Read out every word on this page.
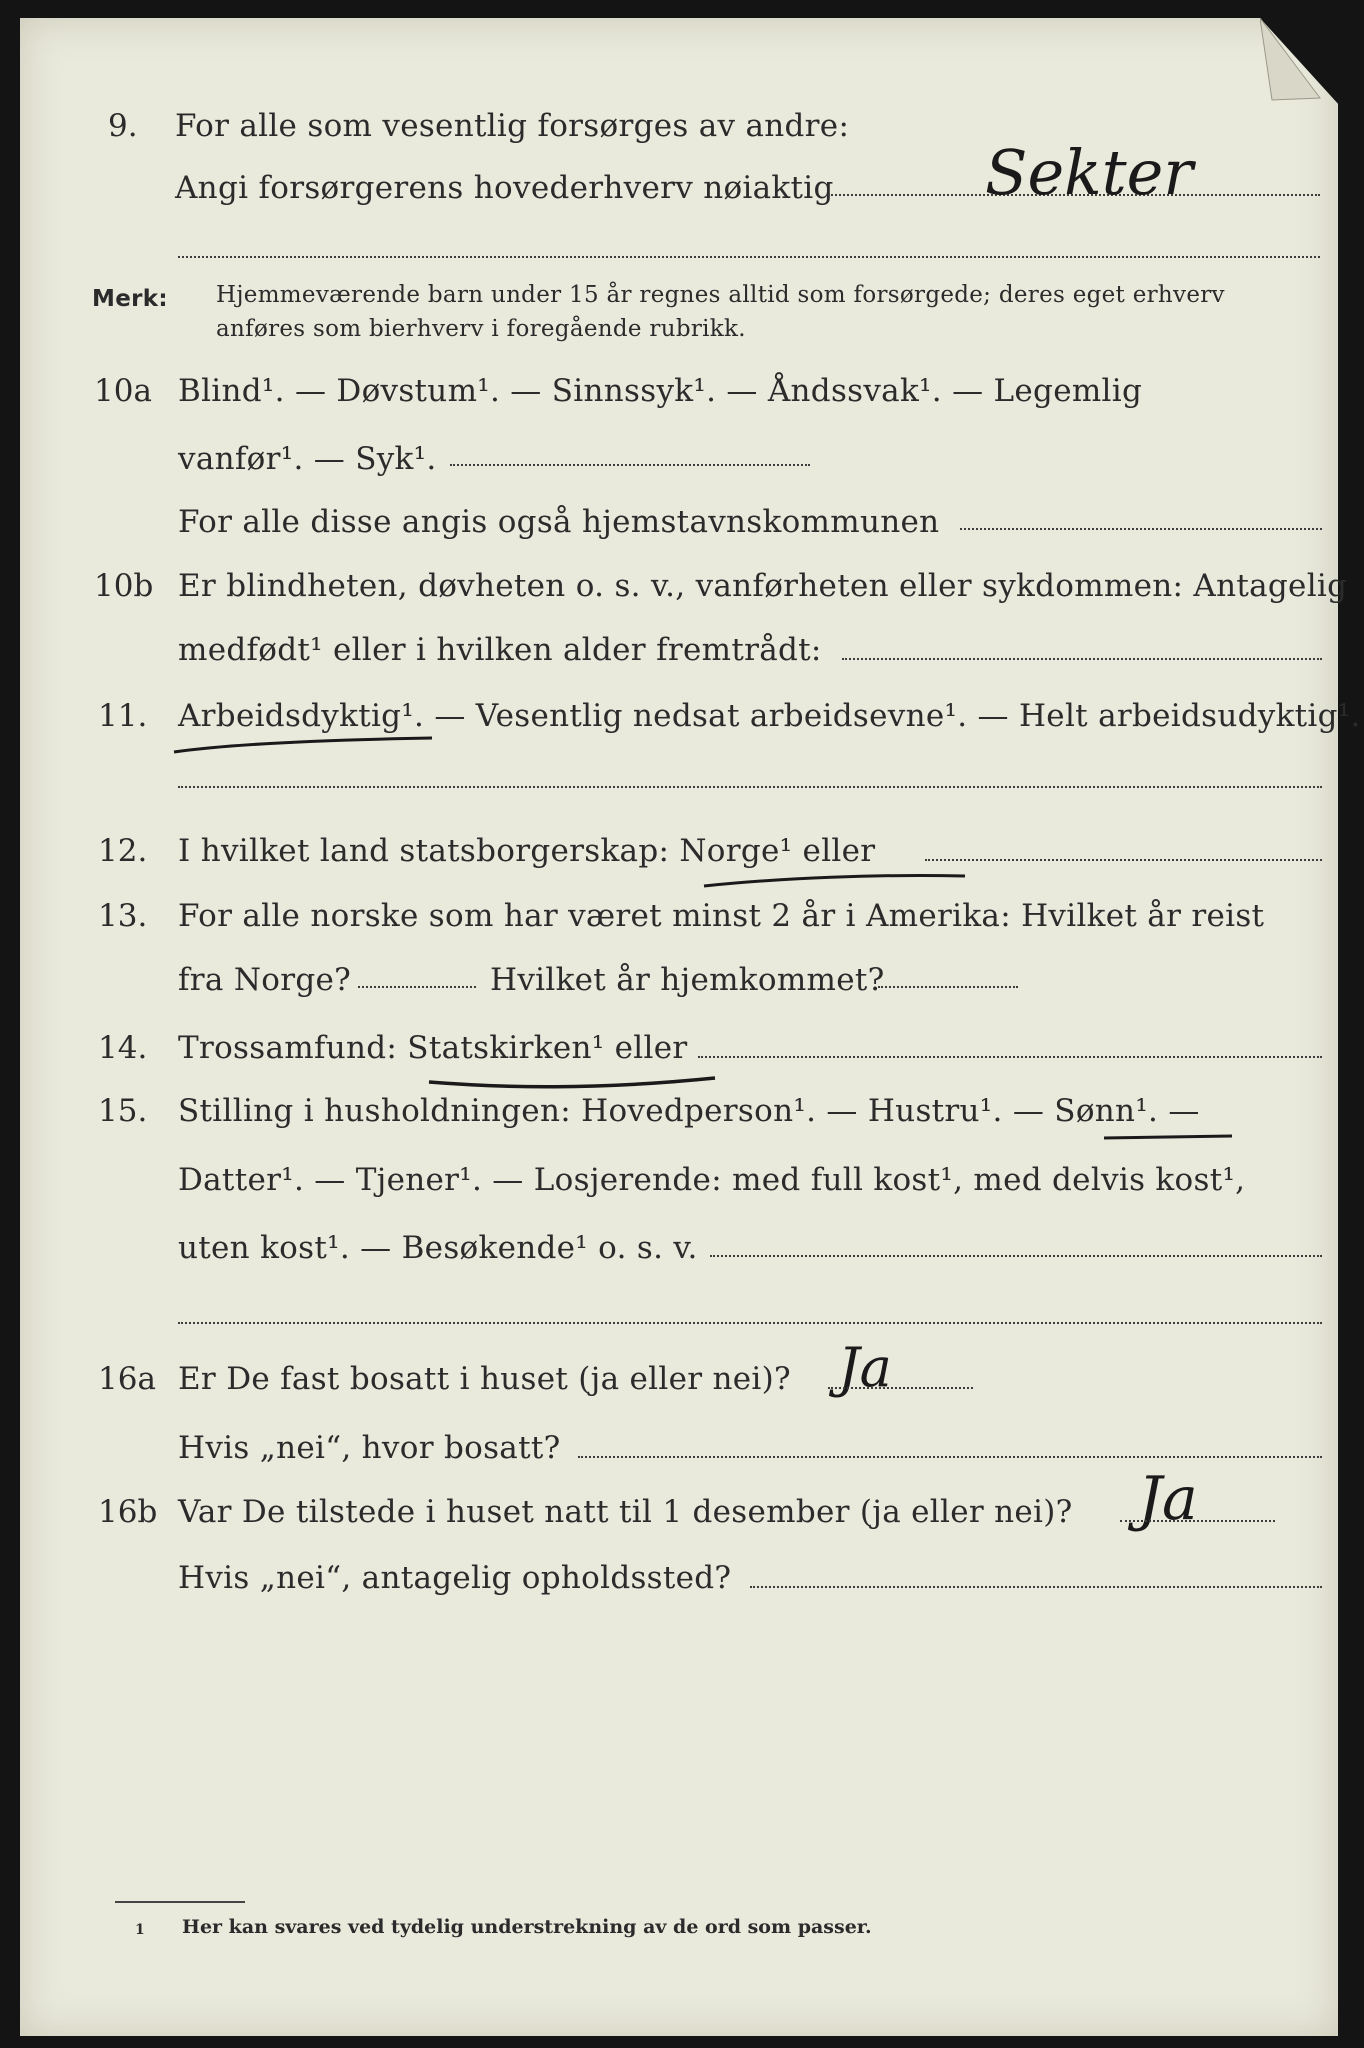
9. For alle som vesentlig forsørges av andre:
Angi forsørgerens hovederhverv nøiaktig Sekter
Merk: Hjemmeværende barn under 15 år regnes alltid som forsørgede; deres eget erhverv
anføres som bierhverv i foregående rubrikk.
10a Blind¹. — Døvstum¹. — Sinnssyk¹. — Åndssvak¹. — Legemlig
vanfør¹. — Syk¹.
For alle disse angis også hjemstavnskommunen
10b Er blindheten, døvheten o. s. v., vanførheten eller sykdommen: Antagelig
medfødt¹ eller i hvilken alder fremtrådt:
11. Arbeidsdyktig¹. — Vesentlig nedsat arbeidsevne¹. — Helt arbeidsudyktig¹.
12. I hvilket land statsborgerskap: Norge¹ eller
13. For alle norske som har været minst 2 år i Amerika: Hvilket år reist
fra Norge?	Hvilket år hjemkommet?
14. Trossamfund: Statskirken¹ eller
15. Stilling i husholdningen: Hovedperson¹. — Hustru¹. — Sønn¹. —
Datter¹. — Tjener¹. — Losjerende: med full kost¹, med delvis kost¹,
uten kost¹. — Besøkende¹ o. s. v.
16a Er De fast bosatt i huset (ja eller nei)? Ja
Hvis „nei“, hvor bosatt?
16b Var De tilstede i huset natt til 1 desember (ja eller nei)? Ja
Hvis „nei“, antagelig opholdssted?
1 Her kan svares ved tydelig understrekning av de ord som passer.
